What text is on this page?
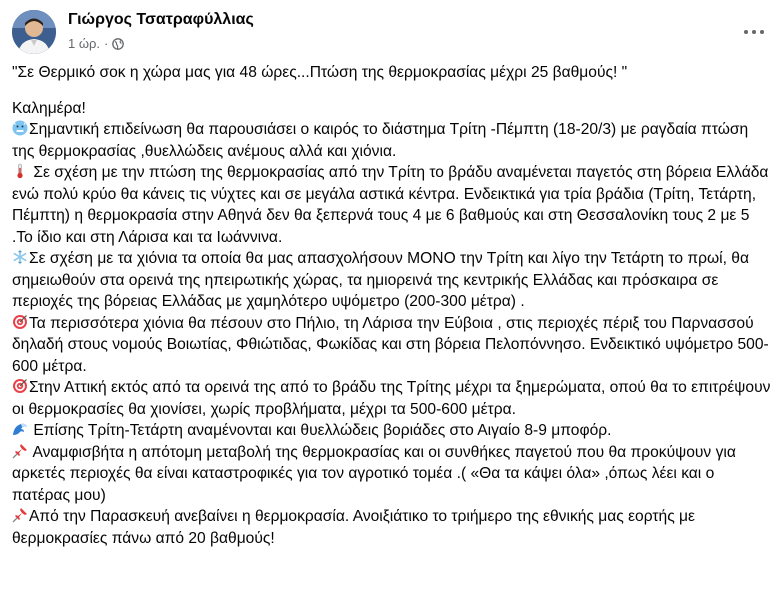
Γιώργος Τσατραφύλλιας
1 ώρ. ·

"Σε Θερμικό σοκ η χώρα μας για 48 ώρες...Πτώση της θερμοκρασίας μέχρι 25 βαθμούς! "

Καλημέρα!

Σημαντική επιδείνωση θα παρουσιάσει ο καιρός το διάστημα Τρίτη -Πέμπτη (18-20/3) με ραγδαία πτώση της θερμοκρασίας ,θυελλώδεις ανέμους αλλά και χιόνια.

Σε σχέση με την πτώση της θερμοκρασίας από την Τρίτη το βράδυ αναμένεται παγετός στη βόρεια Ελλάδα ενώ πολύ κρύο θα κάνεις τις νύχτες και σε μεγάλα αστικά κέντρα. Ενδεικτικά για τρία βράδια (Τρίτη, Τετάρτη, Πέμπτη) η θερμοκρασία στην Αθηνά δεν θα ξεπερνά τους 4 με 6 βαθμούς και στη Θεσσαλονίκη τους 2 με 5 .Το ίδιο και στη Λάρισα και τα Ιωάννινα.

Σε σχέση με τα χιόνια τα οποία θα μας απασχολήσουν ΜΟΝΟ την Τρίτη και λίγο την Τετάρτη το πρωί, θα σημειωθούν στα ορεινά της ηπειρωτικής χώρας, τα ημιορεινά της κεντρικής Ελλάδας και πρόσκαιρα σε περιοχές της βόρειας Ελλάδας με χαμηλότερο υψόμετρο (200-300 μέτρα) .

Τα περισσότερα χιόνια θα πέσουν στο Πήλιο, τη Λάρισα την Εύβοια , στις περιοχές πέριξ του Παρνασσού δηλαδή στους νομούς Βοιωτίας, Φθιώτιδας, Φωκίδας και στη βόρεια Πελοπόννησο. Ενδεικτικό υψόμετρο 500-600 μέτρα.

Στην Αττική εκτός από τα ορεινά της από το βράδυ της Τρίτης μέχρι τα ξημερώματα, οπού θα το επιτρέψουν οι θερμοκρασίες θα χιονίσει, χωρίς προβλήματα, μέχρι τα 500-600 μέτρα.

Επίσης Τρίτη-Τετάρτη αναμένονται και θυελλώδεις βοριάδες στο Αιγαίο 8-9 μποφόρ.

Αναμφισβήτα η απότομη μεταβολή της θερμοκρασίας και οι συνθήκες παγετού που θα προκύψουν για αρκετές περιοχές θα είναι καταστροφικές για τον αγροτικό τομέα .( «Θα τα κάψει όλα» ,όπως λέει και ο πατέρας μου)

Από την Παρασκευή ανεβαίνει η θερμοκρασία. Ανοιξιάτικο το τριήμερο της εθνικής μας εορτής με θερμοκρασίες πάνω από 20 βαθμούς!
